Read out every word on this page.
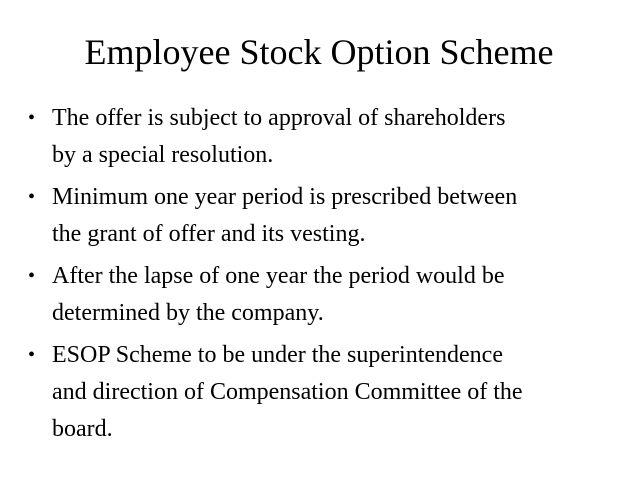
Employee Stock Option Scheme
• The offer is subject to approval of shareholders
by a special resolution.
• Minimum one year period is prescribed between
the grant of offer and its vesting.
• After the lapse of one year the period would be
determined by the company.
• ESOP Scheme to be under the superintendence
and direction of Compensation Committee of the
board.
